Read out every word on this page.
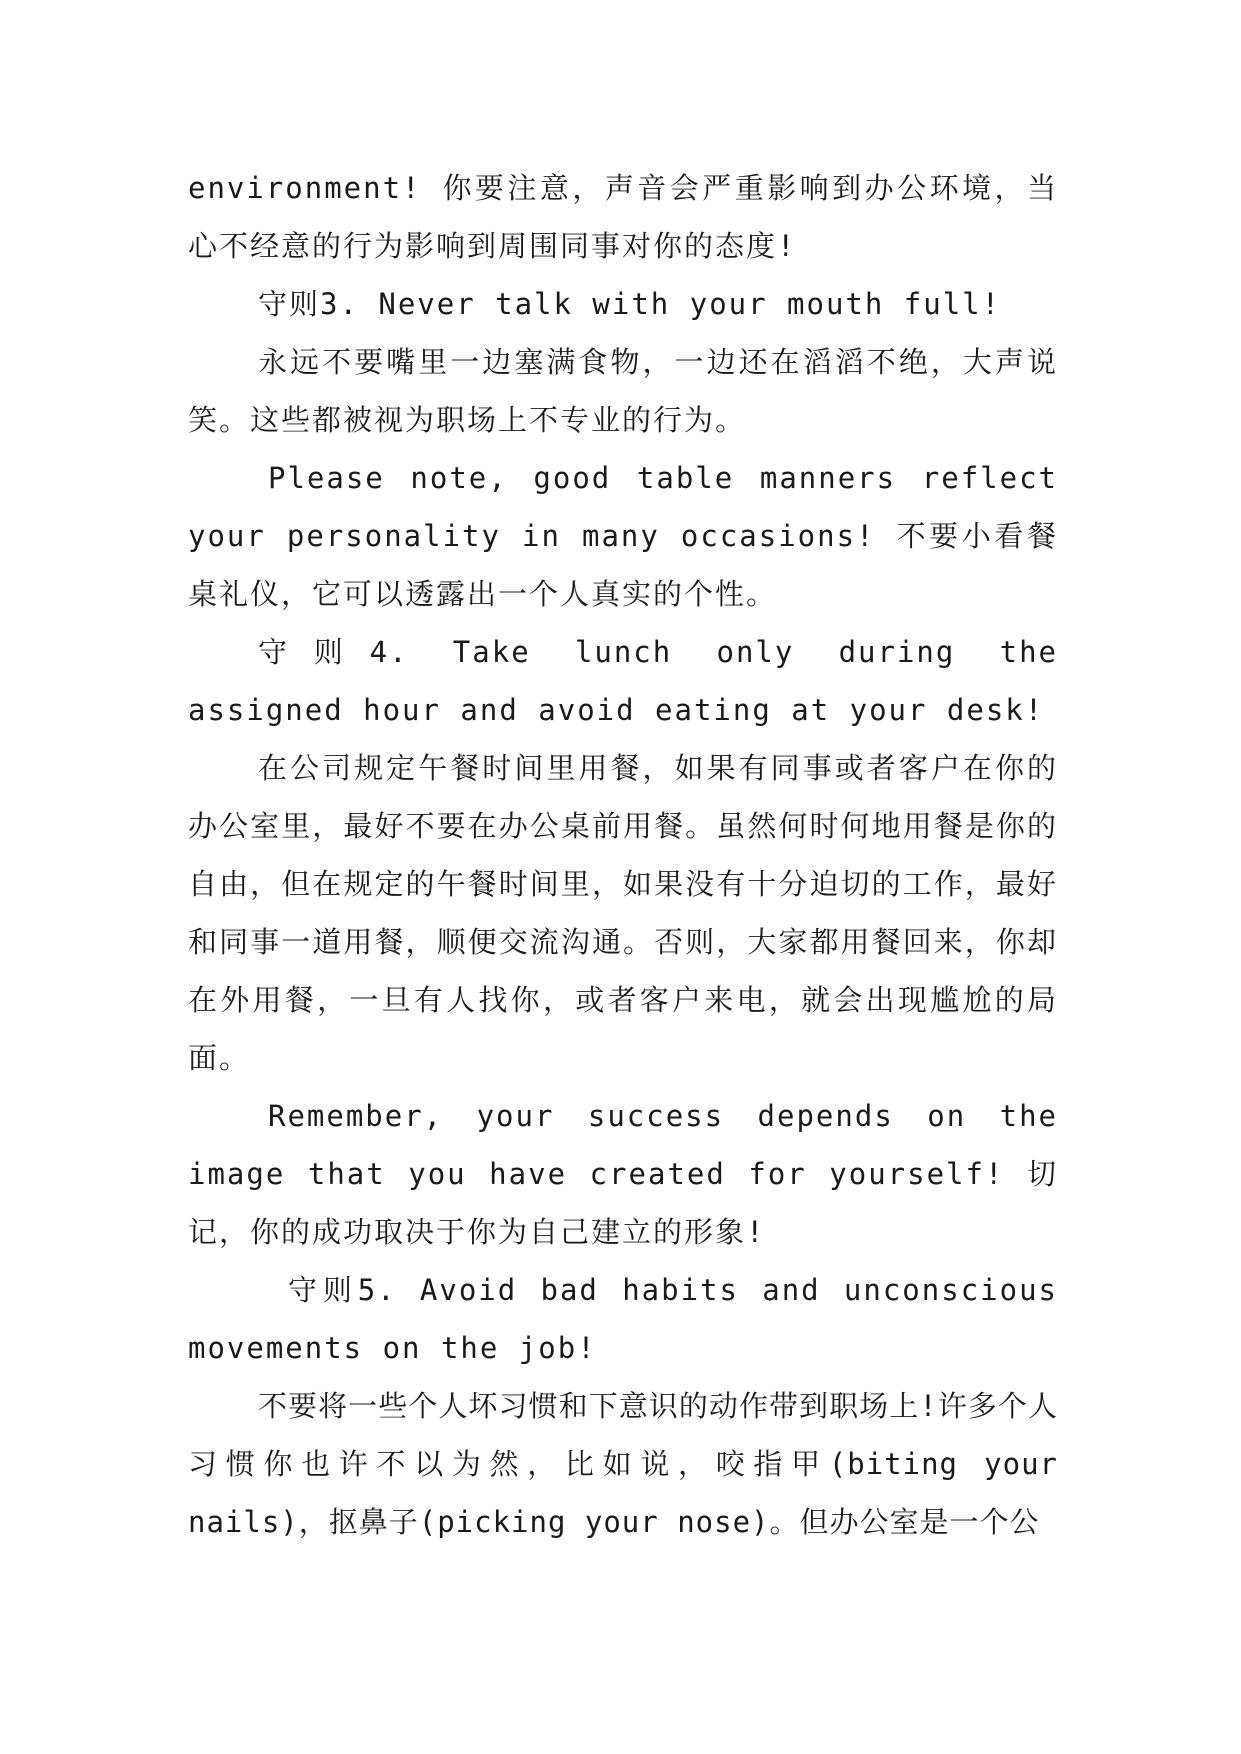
environment! 你要注意，声音会严重影响到办公环境，当心不经意的行为影响到周围同事对你的态度!

守则3. Never talk with your mouth full!

永远不要嘴里一边塞满食物，一边还在滔滔不绝，大声说笑。这些都被视为职场上不专业的行为。

Please note, good table manners reflect your personality in many occasions! 不要小看餐桌礼仪，它可以透露出一个人真实的个性。

守则4. Take lunch only during the assigned hour and avoid eating at your desk!

在公司规定午餐时间里用餐，如果有同事或者客户在你的办公室里，最好不要在办公桌前用餐。虽然何时何地用餐是你的自由，但在规定的午餐时间里，如果没有十分迫切的工作，最好和同事一道用餐，顺便交流沟通。否则，大家都用餐回来，你却在外用餐，一旦有人找你，或者客户来电，就会出现尴尬的局面。

Remember, your success depends on the image that you have created for yourself! 切记，你的成功取决于你为自己建立的形象!

守则5. Avoid bad habits and unconscious movements on the job!

不要将一些个人坏习惯和下意识的动作带到职场上!许多个人习惯你也许不以为然，比如说，咬指甲(biting your nails)，抠鼻子(picking your nose)。但办公室是一个公
